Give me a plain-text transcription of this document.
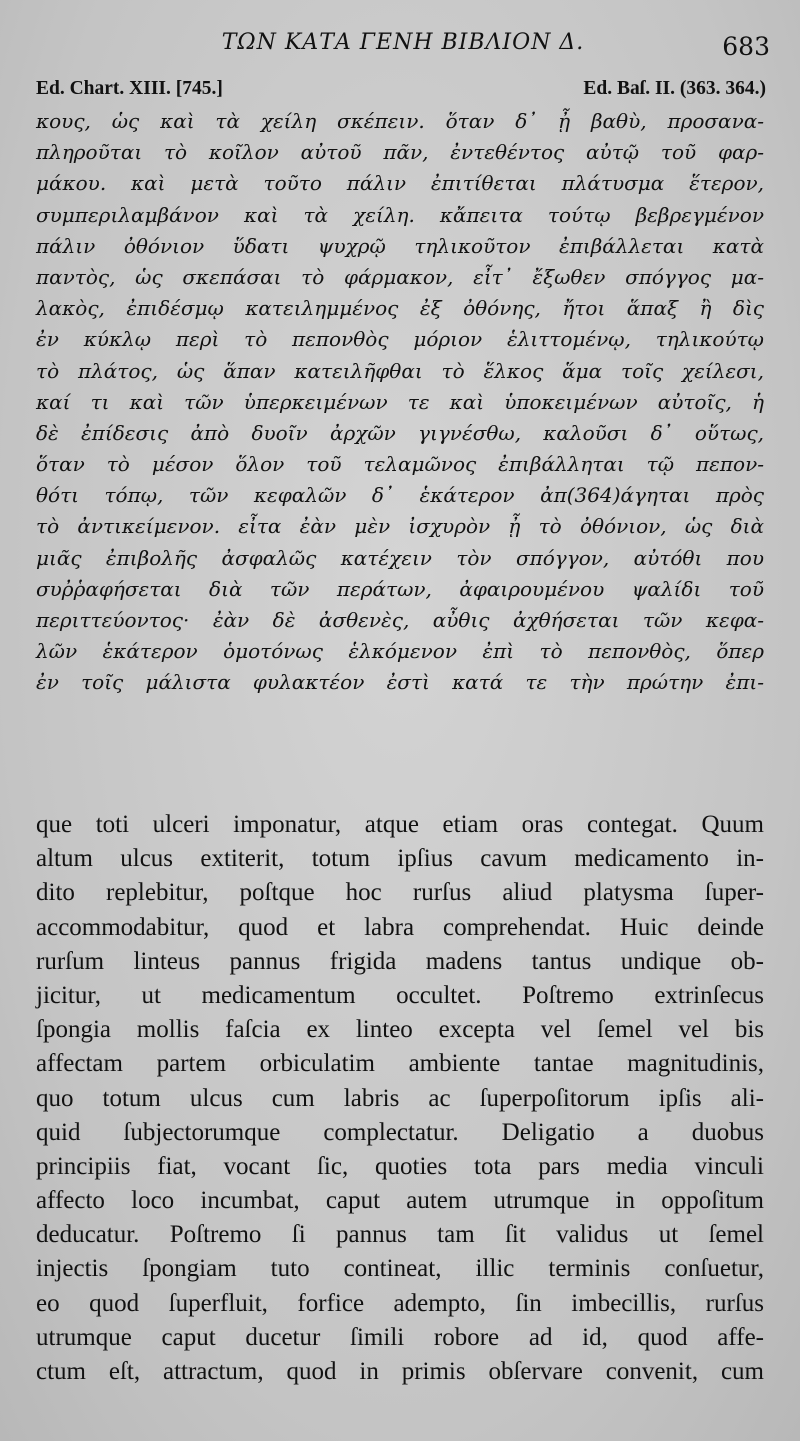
ΤΩΝ ΚΑΤΑ ΓΕΝΗ ΒΙΒΛΙΟΝ Δ.	683
Ed. Chart. XIII. [745.]	Ed. Baſ. II. (363. 364.)
κους, ὡς καὶ τὰ χείλη σκέπειν. ὅταν δ᾽ ᾖ βαθὺ, προσανα-
πληροῦται τὸ κοῖλον αὐτοῦ πᾶν, ἐντεθέντος αὐτῷ τοῦ φαρ-
μάκου. καὶ μετὰ τοῦτο πάλιν ἐπιτίθεται πλάτυσμα ἕτερον,
συμπεριλαμβάνον καὶ τὰ χείλη. κἄπειτα τούτῳ βεβρεγμένον
πάλιν ὀθόνιον ὕδατι ψυχρῷ τηλικοῦτον ἐπιβάλλεται κατὰ
παντὸς, ὡς σκεπάσαι τὸ φάρμακον, εἶτ᾽ ἔξωθεν σπόγγος μα-
λακὸς, ἐπιδέσμῳ κατειλημμένος ἐξ ὀθόνης, ἤτοι ἅπαξ ἢ δὶς
ἐν κύκλῳ περὶ τὸ πεπονθὸς μόριον ἑλιττομένῳ, τηλικούτῳ
τὸ πλάτος, ὡς ἅπαν κατειλῆφθαι τὸ ἕλκος ἅμα τοῖς χείλεσι,
καί τι καὶ τῶν ὑπερκειμένων τε καὶ ὑποκειμένων αὐτοῖς, ἡ
δὲ ἐπίδεσις ἀπὸ δυοῖν ἀρχῶν γιγνέσθω, καλοῦσι δ᾽ οὕτως,
ὅταν τὸ μέσον ὅλον τοῦ τελαμῶνος ἐπιβάλληται τῷ πεπον-
θότι τόπῳ, τῶν κεφαλῶν δ᾽ ἑκάτερον ἀπ(364)άγηται πρὸς
τὸ ἀντικείμενον. εἶτα ἐὰν μὲν ἰσχυρὸν ᾖ τὸ ὀθόνιον, ὡς διὰ
μιᾶς ἐπιβολῆς ἀσφαλῶς κατέχειν τὸν σπόγγον, αὐτόθι που
συῤῥαφήσεται διὰ τῶν περάτων, ἀφαιρουμένου ψαλίδι τοῦ
περιττεύοντος· ἐὰν δὲ ἀσθενὲς, αὖθις ἀχθήσεται τῶν κεφα-
λῶν ἑκάτερον ὁμοτόνως ἑλκόμενον ἐπὶ τὸ πεπονθὸς, ὅπερ
ἐν τοῖς μάλιστα φυλακτέον ἐστὶ κατά τε τὴν πρώτην ἐπι-
que toti ulceri imponatur, atque etiam oras contegat. Quum
altum ulcus extiterit, totum ipſius cavum medicamento in-
dito replebitur, poſtque hoc rurſus aliud platysma ſuper-
accommodabitur, quod et labra comprehendat. Huic deinde
rurſum linteus pannus frigida madens tantus undique ob-
jicitur, ut medicamentum occultet. Poſtremo extrinſecus
ſpongia mollis faſcia ex linteo excepta vel ſemel vel bis
affectam partem orbiculatim ambiente tantae magnitudinis,
quo totum ulcus cum labris ac ſuperpoſitorum ipſis ali-
quid ſubjectorumque complectatur. Deligatio a duobus
principiis fiat, vocant ſic, quoties tota pars media vinculi
affecto loco incumbat, caput autem utrumque in oppoſitum
deducatur. Poſtremo ſi pannus tam ſit validus ut ſemel
injectis ſpongiam tuto contineat, illic terminis conſuetur,
eo quod ſuperfluit, forfice adempto, ſin imbecillis, rurſus
utrumque caput ducetur ſimili robore ad id, quod affe-
ctum eſt, attractum, quod in primis obſervare convenit, cum
